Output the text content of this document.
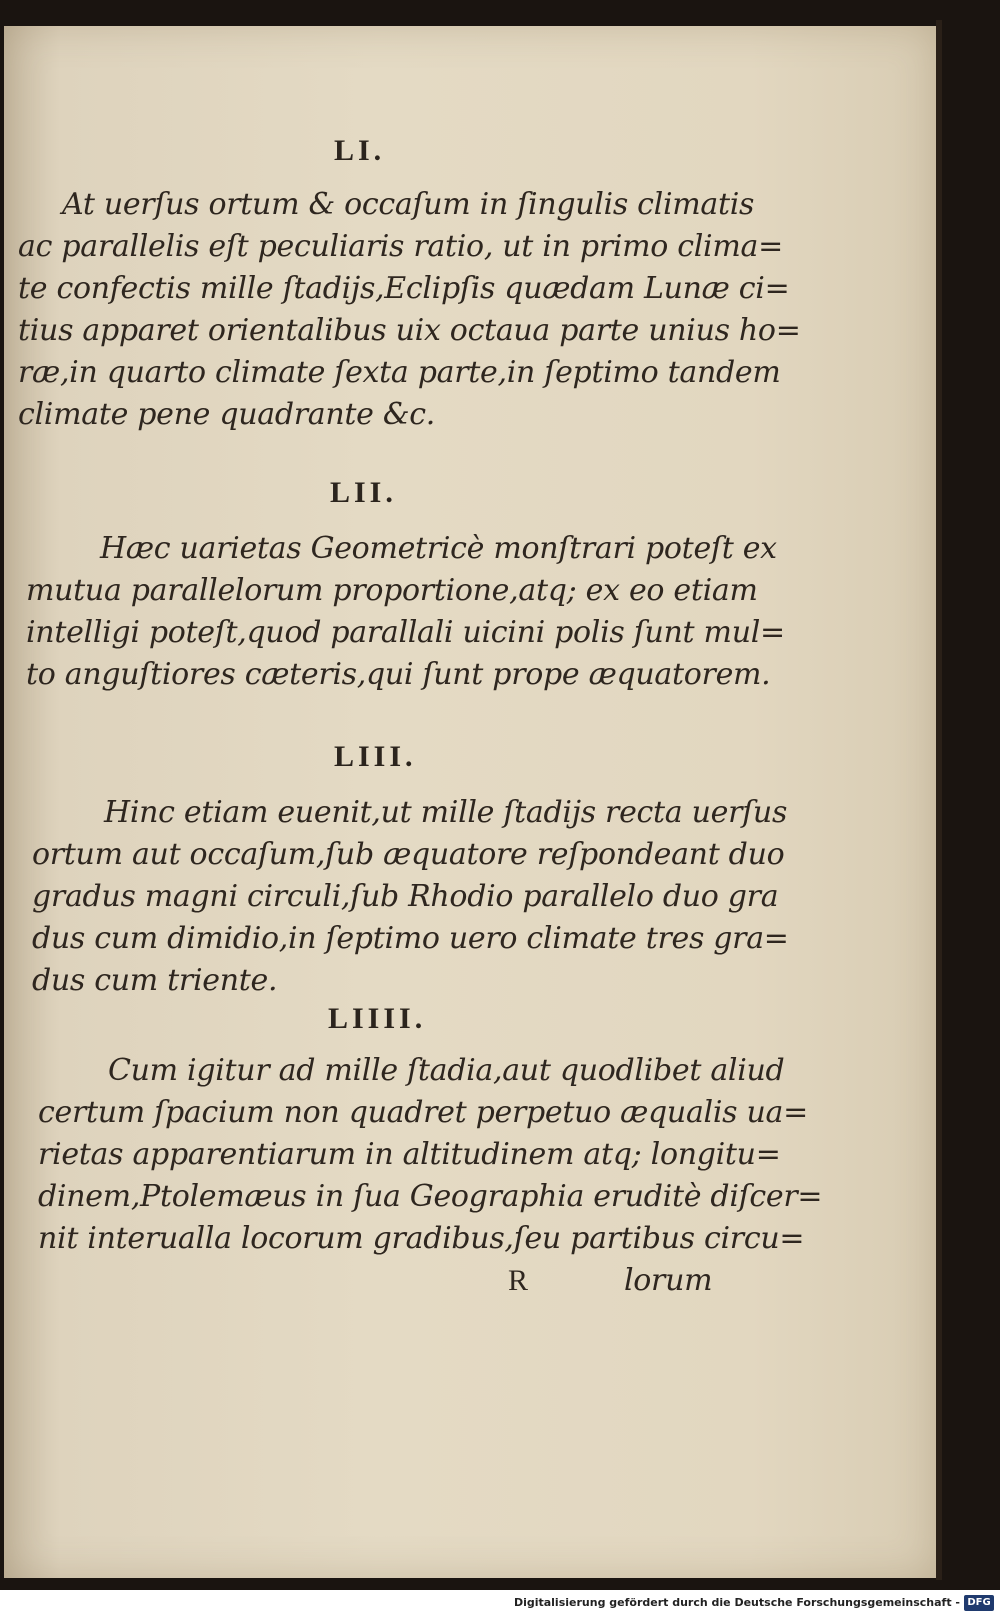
LI.
At uerſus ortum & occaſum in ſingulis climatis
ac parallelis eſt peculiaris ratio, ut in primo clima=
te confectis mille ſtadijs,Eclipſis quædam Lunæ ci=
tius apparet orientalibus uix octaua parte unius ho=
ræ,in quarto climate ſexta parte,in ſeptimo tandem
climate pene quadrante &c.
LII.
Hæc uarietas Geometricè monſtrari poteſt ex
mutua parallelorum proportione,atq; ex eo etiam
intelligi poteſt,quod parallali uicini polis ſunt mul=
to anguſtiores cæteris,qui ſunt prope æquatorem.
LIII.
Hinc etiam euenit,ut mille ſtadijs recta uerſus
ortum aut occaſum,ſub æquatore reſpondeant duo
gradus magni circuli,ſub Rhodio parallelo duo gra
dus cum dimidio,in ſeptimo uero climate tres gra=
dus cum triente.
LIIII.
Cum igitur ad mille ſtadia,aut quodlibet aliud
certum ſpacium non quadret perpetuo æqualis ua=
rietas apparentiarum in altitudinem atq; longitu=
dinem,Ptolemæus in ſua Geographia eruditè diſcer=
nit interualla locorum gradibus,ſeu partibus circu=
R	lorum
Digitalisierung gefördert durch die Deutsche Forschungsgemeinschaft - DFG
